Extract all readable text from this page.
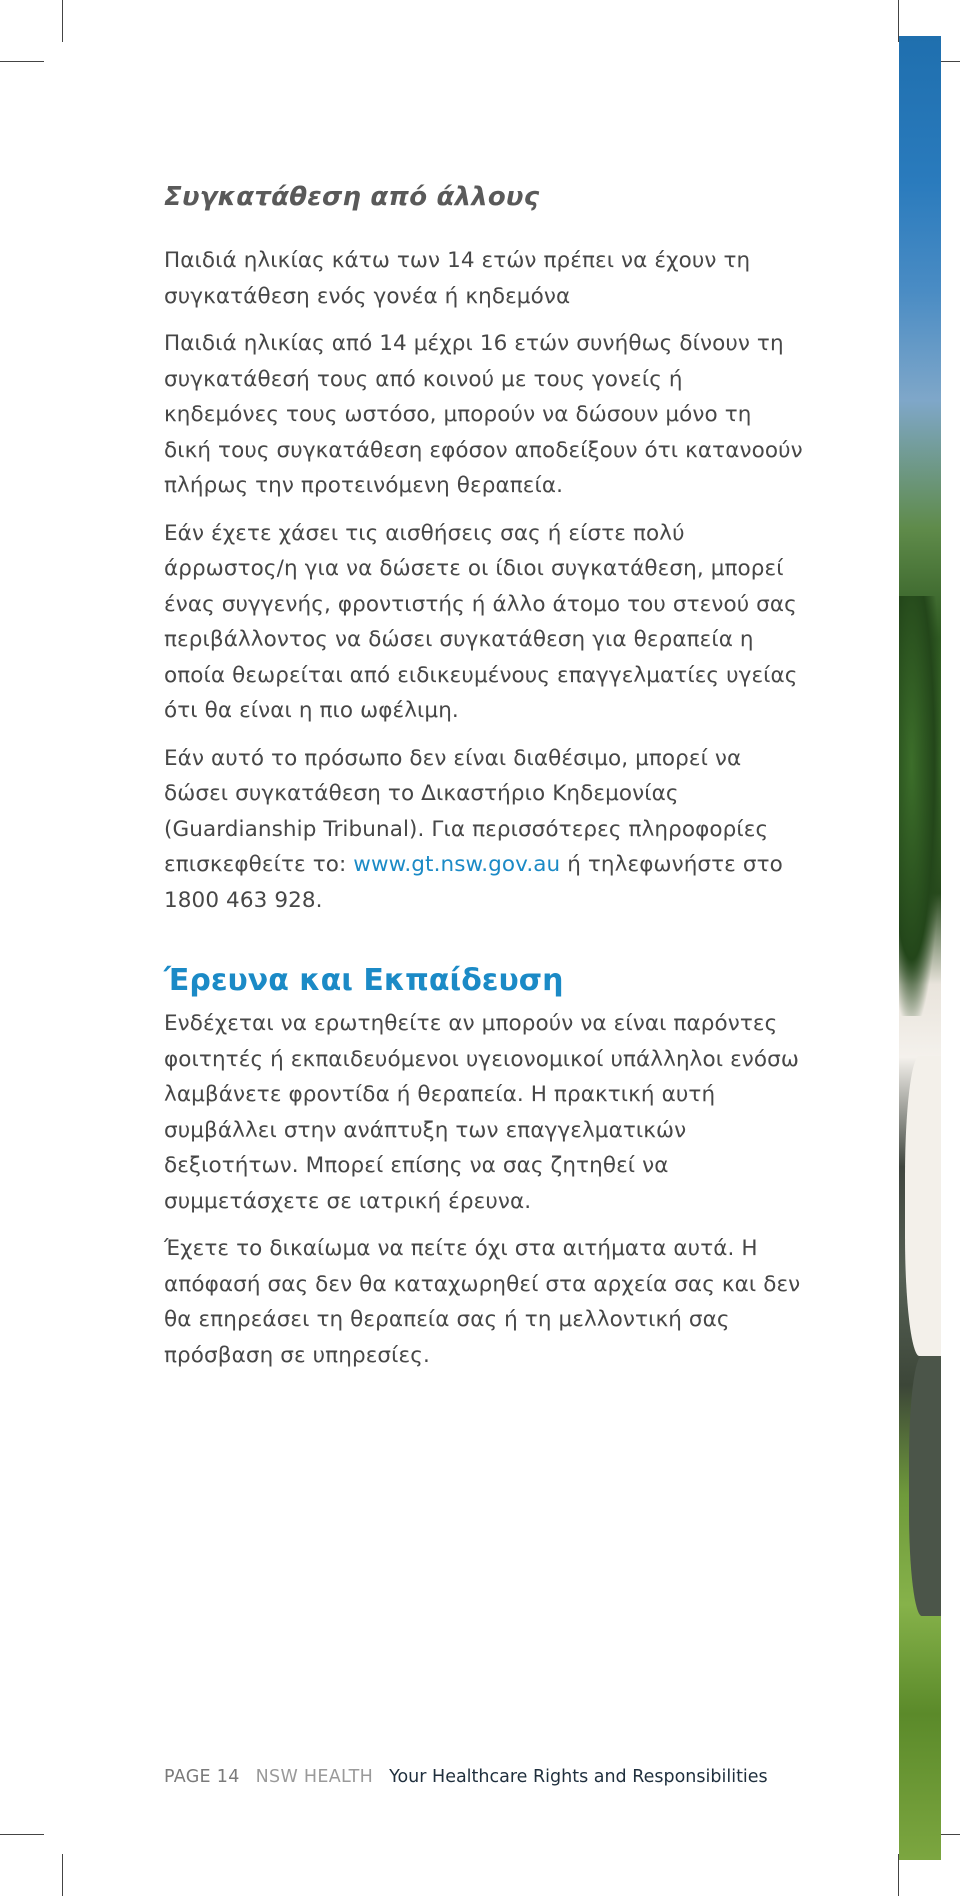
Συγκατάθεση από άλλους

Παιδιά ηλικίας κάτω των 14 ετών πρέπει να έχουν τη συγκατάθεση ενός γονέα ή κηδεμόνα

Παιδιά ηλικίας από 14 μέχρι 16 ετών συνήθως δίνουν τη συγκατάθεσή τους από κοινού με τους γονείς ή κηδεμόνες τους ωστόσο, μπορούν να δώσουν μόνο τη δική τους συγκατάθεση εφόσον αποδείξουν ότι κατανοούν πλήρως την προτεινόμενη θεραπεία.

Εάν έχετε χάσει τις αισθήσεις σας ή είστε πολύ άρρωστος/η για να δώσετε οι ίδιοι συγκατάθεση, μπορεί ένας συγγενής, φροντιστής ή άλλο άτομο του στενού σας περιβάλλοντος να δώσει συγκατάθεση για θεραπεία η οποία θεωρείται από ειδικευμένους επαγγελματίες υγείας ότι θα είναι η πιο ωφέλιμη.

Εάν αυτό το πρόσωπο δεν είναι διαθέσιμο, μπορεί να δώσει συγκατάθεση το Δικαστήριο Κηδεμονίας (Guardianship Tribunal). Για περισσότερες πληροφορίες επισκεφθείτε το: www.gt.nsw.gov.au ή τηλεφωνήστε στο 1800 463 928.

Έρευνα και Εκπαίδευση

Ενδέχεται να ερωτηθείτε αν μπορούν να είναι παρόντες φοιτητές ή εκπαιδευόμενοι υγειονομικοί υπάλληλοι ενόσω λαμβάνετε φροντίδα ή θεραπεία. Η πρακτική αυτή συμβάλλει στην ανάπτυξη των επαγγελματικών δεξιοτήτων. Μπορεί επίσης να σας ζητηθεί να συμμετάσχετε σε ιατρική έρευνα.

Έχετε το δικαίωμα να πείτε όχι στα αιτήματα αυτά. Η απόφασή σας δεν θα καταχωρηθεί στα αρχεία σας και δεν θα επηρεάσει τη θεραπεία σας ή τη μελλοντική σας πρόσβαση σε υπηρεσίες.

PAGE 14 NSW HEALTH Your Healthcare Rights and Responsibilities
